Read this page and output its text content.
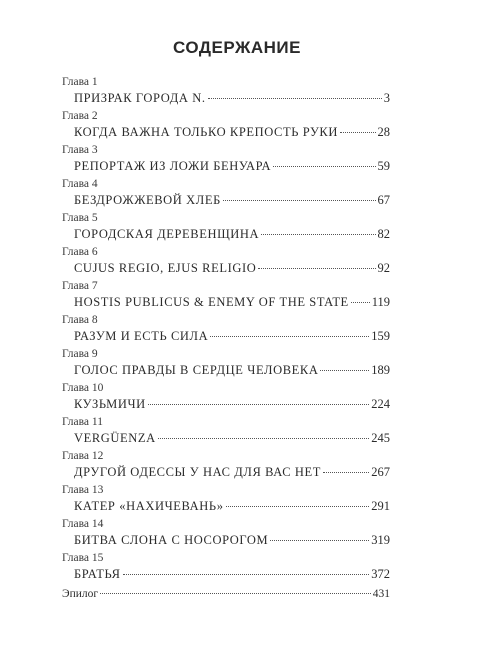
СОДЕРЖАНИЕ
Глава 1
ПРИЗРАК ГОРОДА N.	3
Глава 2
КОГДА ВАЖНА ТОЛЬКО КРЕПОСТЬ РУКИ	28
Глава 3
РЕПОРТАЖ ИЗ ЛОЖИ БЕНУАРА	59
Глава 4
БЕЗДРОЖЖЕВОЙ ХЛЕБ	67
Глава 5
ГОРОДСКАЯ ДЕРЕВЕНЩИНА	82
Глава 6
CUJUS REGIO, EJUS RELIGIO	92
Глава 7
HOSTIS PUBLICUS & ENEMY OF THE STATE 119
Глава 8
РАЗУМ И ЕСТЬ СИЛА	159
Глава 9
ГОЛОС ПРАВДЫ В СЕРДЦЕ ЧЕЛОВЕКА	189
Глава 10
КУЗЬМИЧИ	224
Глава 11
VERGÜENZA	245
Глава 12
ДРУГОЙ ОДЕССЫ У НАС ДЛЯ ВАС НЕТ	267
Глава 13
КАТЕР «НАХИЧЕВАНЬ»	291
Глава 14
БИТВА СЛОНА С НОСОРОГОМ	319
Глава 15
БРАТЬЯ	372
Эпилог	431
